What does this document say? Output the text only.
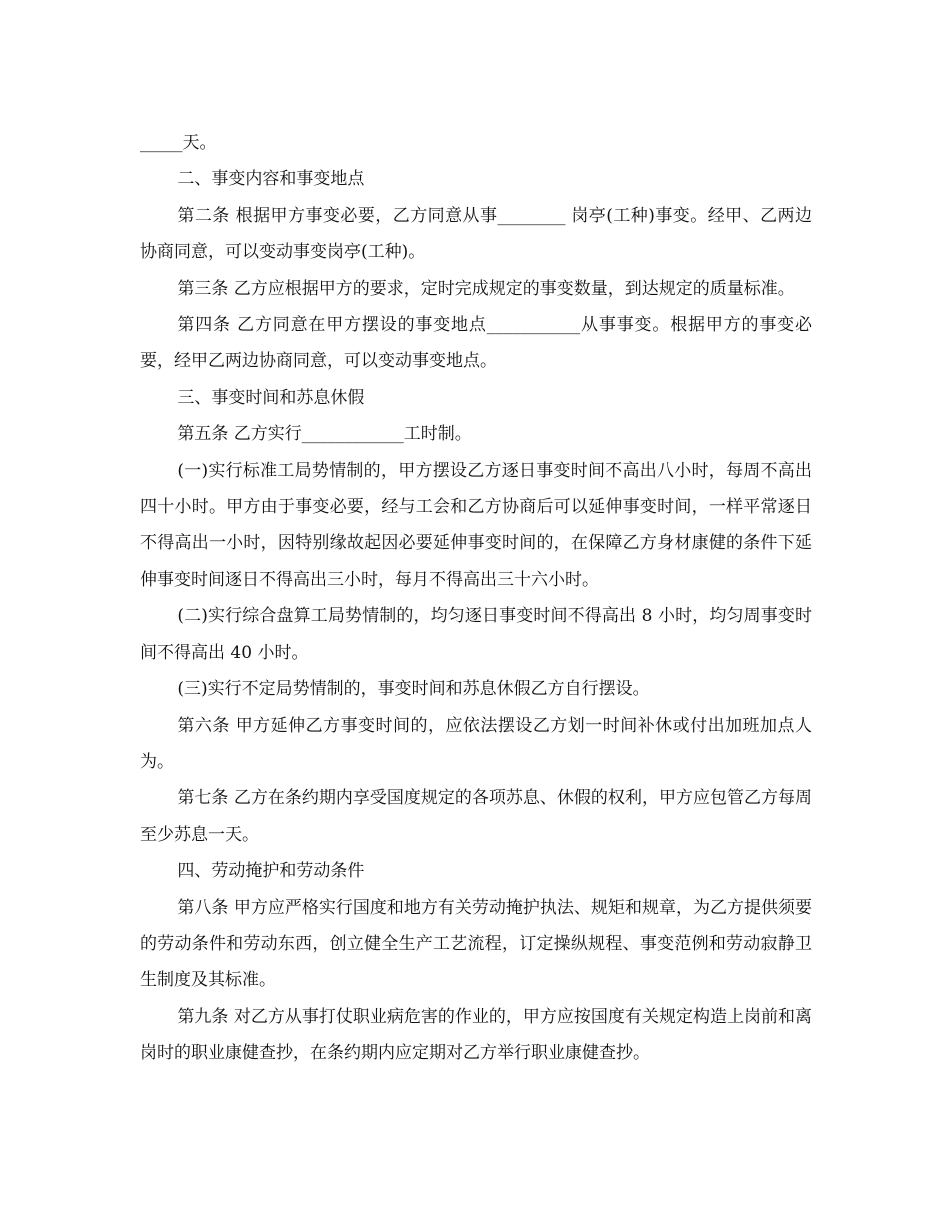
_____天。

二、事变内容和事变地点

第二条 根据甲方事变必要，乙方同意从事________ 岗亭(工种)事变。经甲、乙两边协商同意，可以变动事变岗亭(工种)。

第三条 乙方应根据甲方的要求，定时完成规定的事变数量，到达规定的质量标准。

第四条 乙方同意在甲方摆设的事变地点___________从事事变。根据甲方的事变必要，经甲乙两边协商同意，可以变动事变地点。

三、事变时间和苏息休假

第五条 乙方实行____________工时制。

(一)实行标准工局势情制的，甲方摆设乙方逐日事变时间不高出八小时，每周不高出四十小时。甲方由于事变必要，经与工会和乙方协商后可以延伸事变时间，一样平常逐日不得高出一小时，因特别缘故起因必要延伸事变时间的，在保障乙方身材康健的条件下延伸事变时间逐日不得高出三小时，每月不得高出三十六小时。

(二)实行综合盘算工局势情制的，均匀逐日事变时间不得高出 8 小时，均匀周事变时间不得高出 40 小时。

(三)实行不定局势情制的，事变时间和苏息休假乙方自行摆设。

第六条 甲方延伸乙方事变时间的，应依法摆设乙方划一时间补休或付出加班加点人为。

第七条 乙方在条约期内享受国度规定的各项苏息、休假的权利，甲方应包管乙方每周至少苏息一天。

四、劳动掩护和劳动条件

第八条 甲方应严格实行国度和地方有关劳动掩护执法、规矩和规章，为乙方提供须要的劳动条件和劳动东西，创立健全生产工艺流程，订定操纵规程、事变范例和劳动寂静卫生制度及其标准。

第九条 对乙方从事打仗职业病危害的作业的，甲方应按国度有关规定构造上岗前和离岗时的职业康健查抄，在条约期内应定期对乙方举行职业康健查抄。
